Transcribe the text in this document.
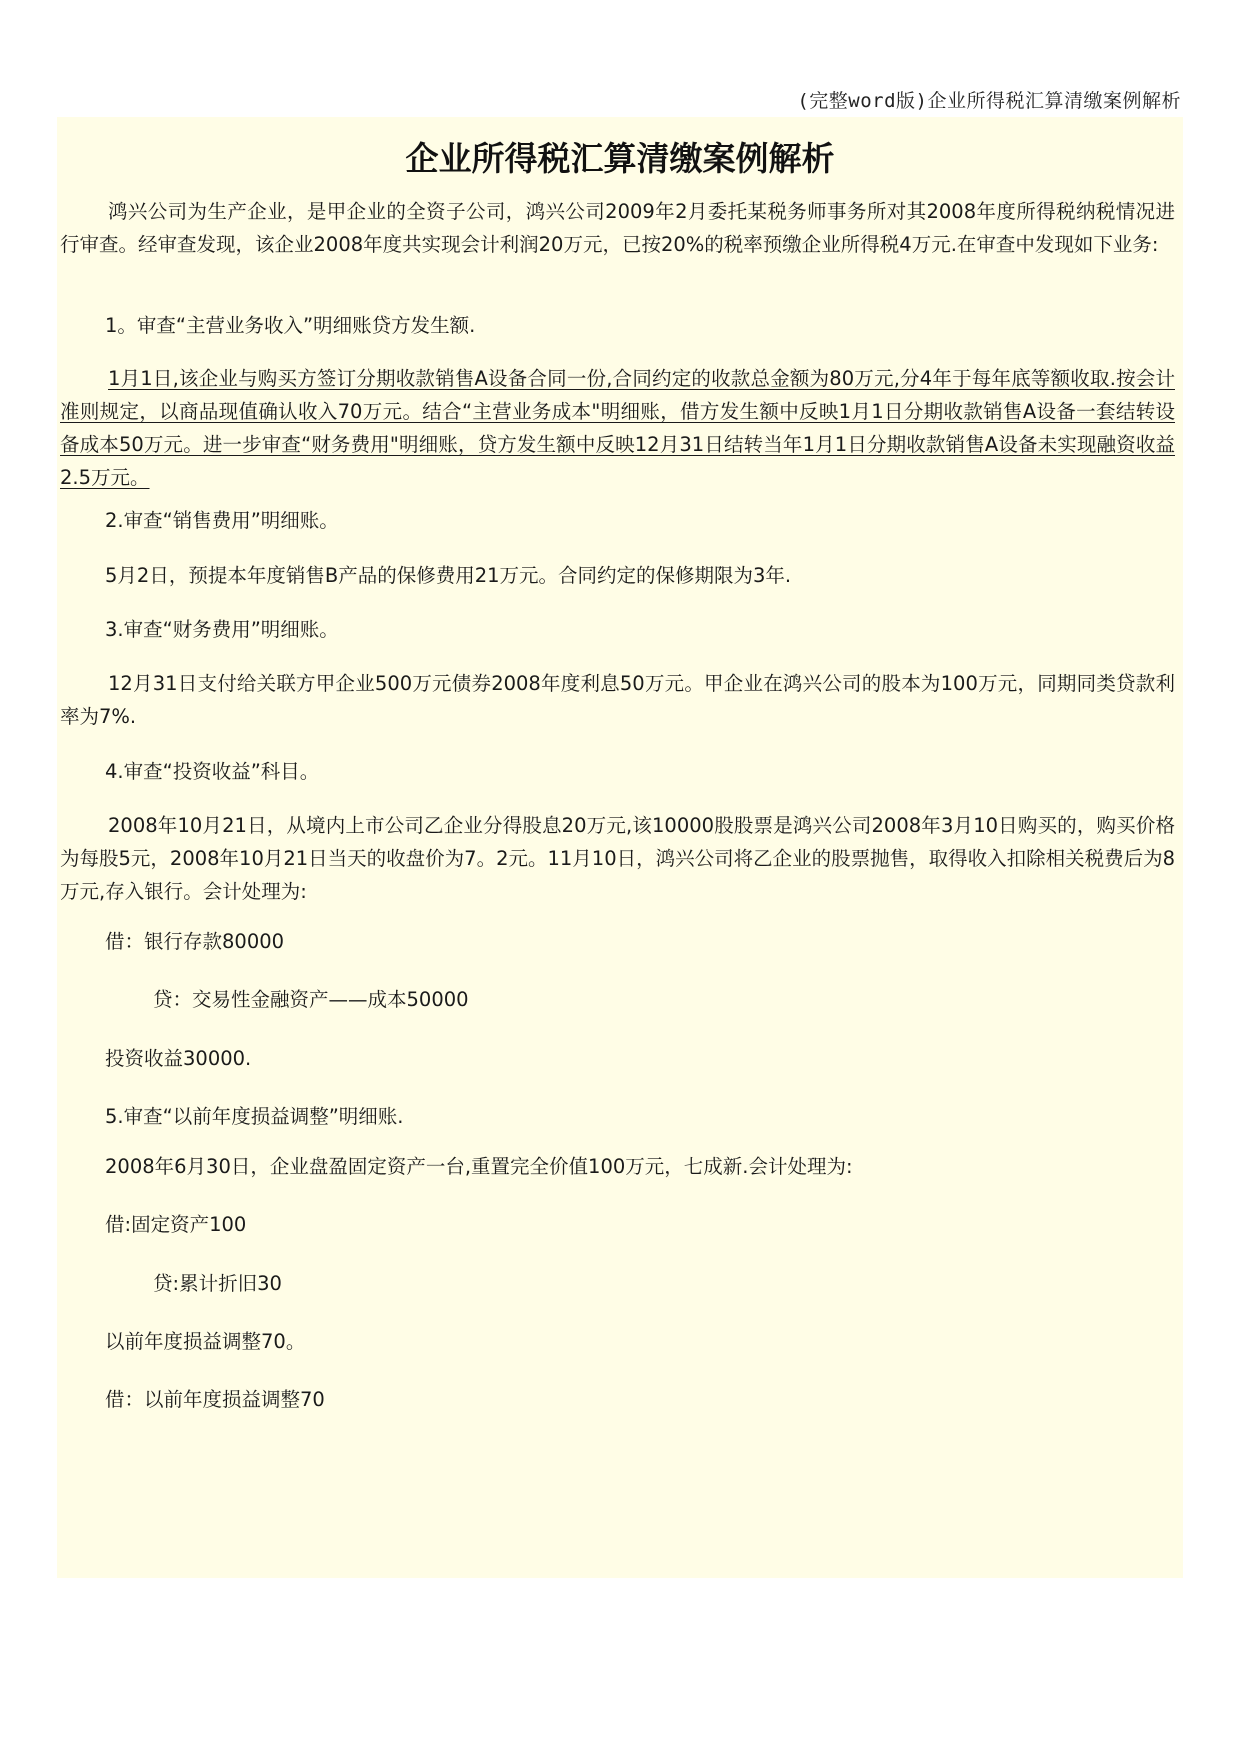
(完整word版)企业所得税汇算清缴案例解析
企业所得税汇算清缴案例解析
鸿兴公司为生产企业，是甲企业的全资子公司，鸿兴公司2009年2月委托某税务师事务所对其2008年度所得税纳税情况进行审查。经审查发现，该企业2008年度共实现会计利润20万元，已按20%的税率预缴企业所得税4万元.在审查中发现如下业务:
1。审查“主营业务收入”明细账贷方发生额.
1月1日,该企业与购买方签订分期收款销售A设备合同一份,合同约定的收款总金额为80万元,分4年于每年底等额收取.按会计准则规定，以商品现值确认收入70万元。结合“主营业务成本"明细账，借方发生额中反映1月1日分期收款销售A设备一套结转设备成本50万元。进一步审查“财务费用"明细账，贷方发生额中反映12月31日结转当年1月1日分期收款销售A设备未实现融资收益2.5万元。
2.审查“销售费用”明细账。
5月2日，预提本年度销售B产品的保修费用21万元。合同约定的保修期限为3年.
3.审查“财务费用”明细账。
12月31日支付给关联方甲企业500万元债券2008年度利息50万元。甲企业在鸿兴公司的股本为100万元，同期同类贷款利率为7%.
4.审查“投资收益”科目。
2008年10月21日，从境内上市公司乙企业分得股息20万元,该10000股股票是鸿兴公司2008年3月10日购买的，购买价格为每股5元，2008年10月21日当天的收盘价为7。2元。11月10日，鸿兴公司将乙企业的股票抛售，取得收入扣除相关税费后为8万元,存入银行。会计处理为:
借：银行存款80000
贷：交易性金融资产——成本50000
投资收益30000.
5.审查“以前年度损益调整”明细账.
2008年6月30日，企业盘盈固定资产一台,重置完全价值100万元，七成新.会计处理为:
借:固定资产100
贷:累计折旧30
以前年度损益调整70。
借：以前年度损益调整70
